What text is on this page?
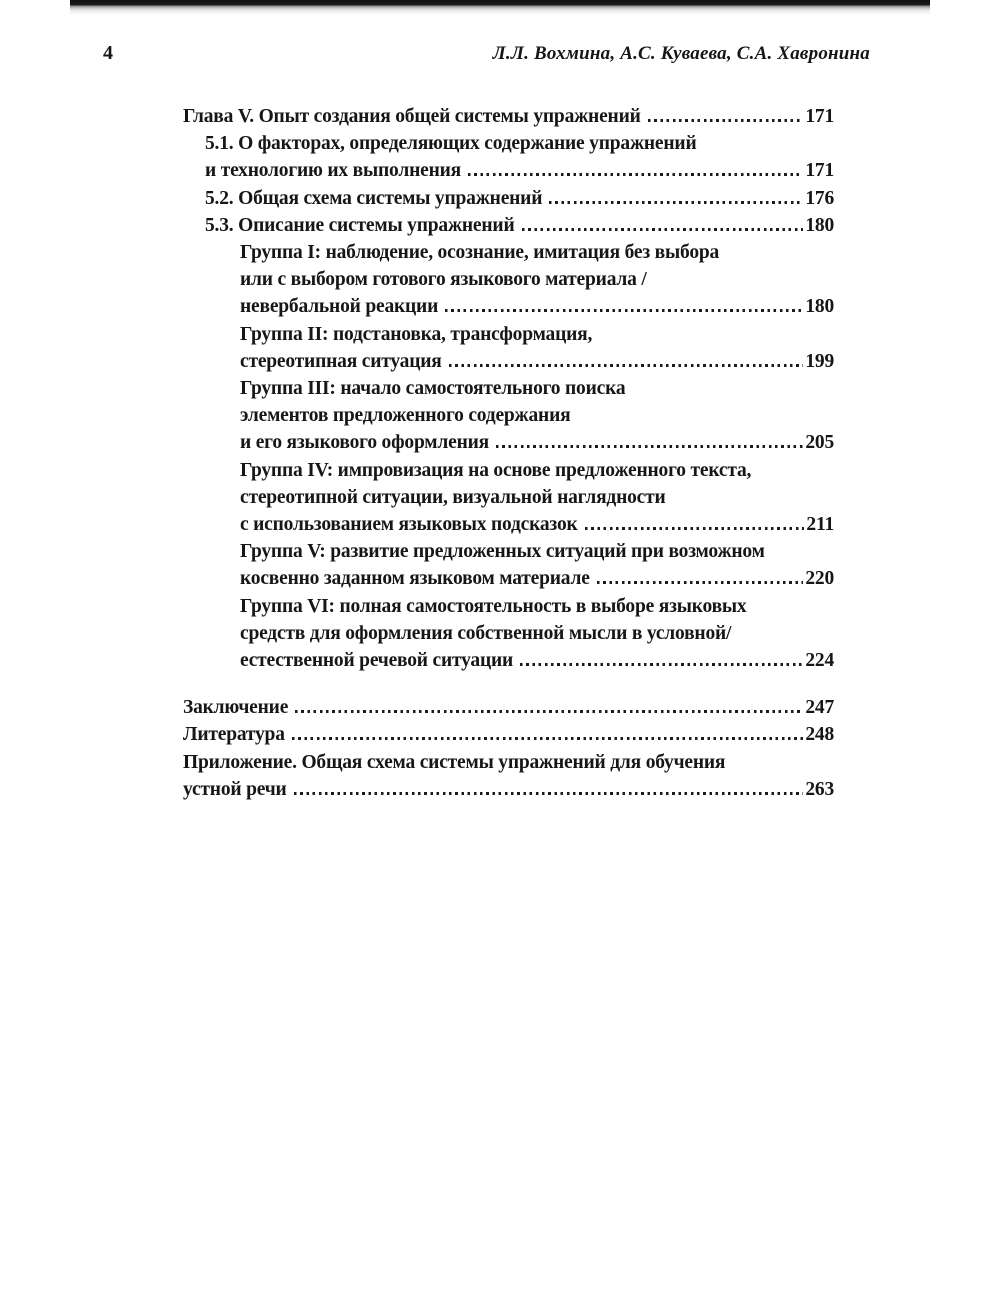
4	Л.Л. Вохмина, А.С. Куваева, С.А. Хавронина
Глава V. Опыт создания общей системы упражнений	171
5.1. О факторах, определяющих содержание упражнений
и технологию их выполнения	171
5.2. Общая схема системы упражнений	176
5.3. Описание системы упражнений	180
Группа I: наблюдение, осознание, имитация без выбора
или с выбором готового языкового материала /
невербальной реакции	180
Группа II: подстановка, трансформация,
стереотипная ситуация	199
Группа III: начало самостоятельного поиска
элементов предложенного содержания
и его языкового оформления	205
Группа IV: импровизация на основе предложенного текста,
стереотипной ситуации, визуальной наглядности
с использованием языковых подсказок	211
Группа V: развитие предложенных ситуаций при возможном
косвенно заданном языковом материале	220
Группа VI: полная самостоятельность в выборе языковых
средств для оформления собственной мысли в условной/
естественной речевой ситуации	224
Заключение	247
Литература	248
Приложение. Общая схема системы упражнений для обучения
устной речи	263
